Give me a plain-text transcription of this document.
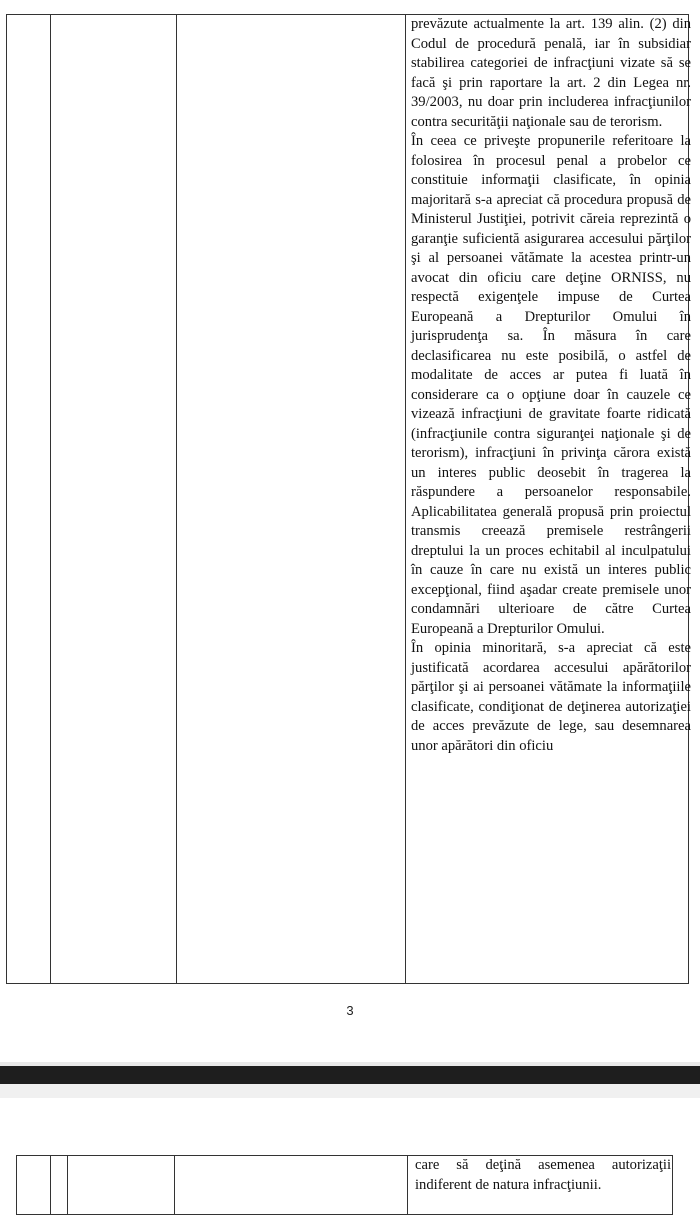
prevăzute actualmente la art. 139 alin. (2) din Codul de procedură penală, iar în subsidiar stabilirea categoriei de infracţiuni vizate să se facă şi prin raportare la art. 2 din Legea nr. 39/2003, nu doar prin includerea infracţiunilor contra securităţii naţionale sau de terorism.

În ceea ce priveşte propunerile referitoare la folosirea în procesul penal a probelor ce constituie informaţii clasificate, în opinia majoritară s-a apreciat că procedura propusă de Ministerul Justiţiei, potrivit căreia reprezintă o garanţie suficientă asigurarea accesului părţilor şi al persoanei vătămate la acestea printr-un avocat din oficiu care deţine ORNISS, nu respectă exigenţele impuse de Curtea Europeană a Drepturilor Omului în jurisprudenţa sa. În măsura în care declasificarea nu este posibilă, o astfel de modalitate de acces ar putea fi luată în considerare ca o opţiune doar în cauzele ce vizează infracţiuni de gravitate foarte ridicată (infracţiunile contra siguranţei naţionale şi de terorism), infracţiuni în privinţa cărora există un interes public deosebit în tragerea la răspundere a persoanelor responsabile. Aplicabilitatea generală propusă prin proiectul transmis creează premisele restrângerii dreptului la un proces echitabil al inculpatului în cauze în care nu există un interes public excepţional, fiind aşadar create premisele unor condamnări ulterioare de către Curtea Europeană a Drepturilor Omului.

În opinia minoritară, s-a apreciat că este justificată acordarea accesului apărătorilor părţilor şi ai persoanei vătămate la informaţiile clasificate, condiţionat de deţinerea autorizaţiei de acces prevăzute de lege, sau desemnarea unor apărători din oficiu

3

care să deţină asemenea autorizaţii indiferent de natura infracţiunii.
